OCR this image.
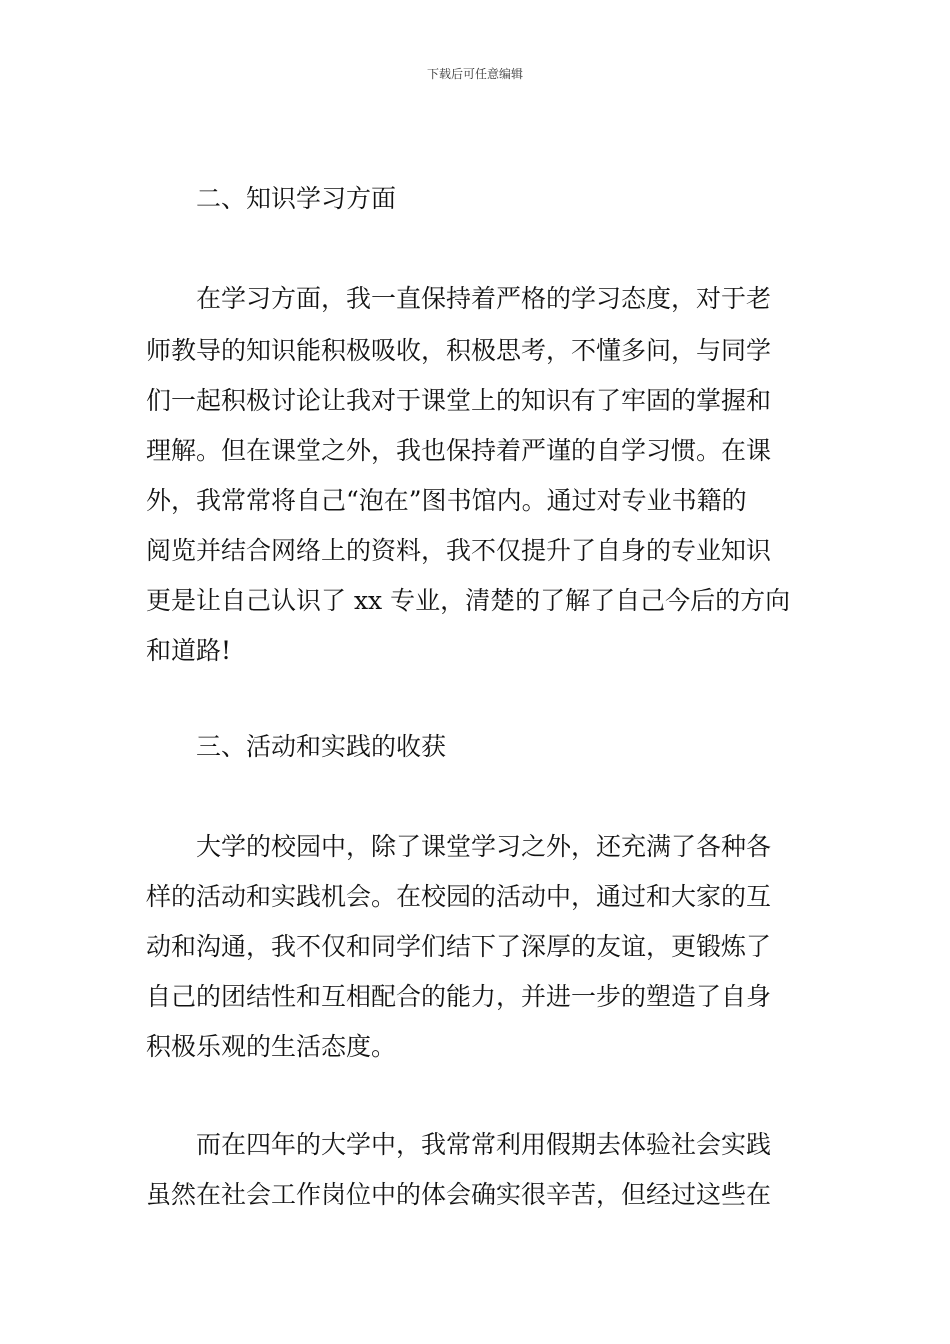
下载后可任意编辑
二、知识学习方面
在学习方面，我一直保持着严格的学习态度，对于老
师教导的知识能积极吸收，积极思考，不懂多问，与同学
们一起积极讨论让我对于课堂上的知识有了牢固的掌握和
理解。但在课堂之外，我也保持着严谨的自学习惯。在课
外，我常常将自己“泡在”图书馆内。通过对专业书籍的
阅览并结合网络上的资料，我不仅提升了自身的专业知识
更是让自己认识了 xx 专业，清楚的了解了自己今后的方向
和道路!
三、活动和实践的收获
大学的校园中，除了课堂学习之外，还充满了各种各
样的活动和实践机会。在校园的活动中，通过和大家的互
动和沟通，我不仅和同学们结下了深厚的友谊，更锻炼了
自己的团结性和互相配合的能力，并进一步的塑造了自身
积极乐观的生活态度。
而在四年的大学中，我常常利用假期去体验社会实践
虽然在社会工作岗位中的体会确实很辛苦，但经过这些在
